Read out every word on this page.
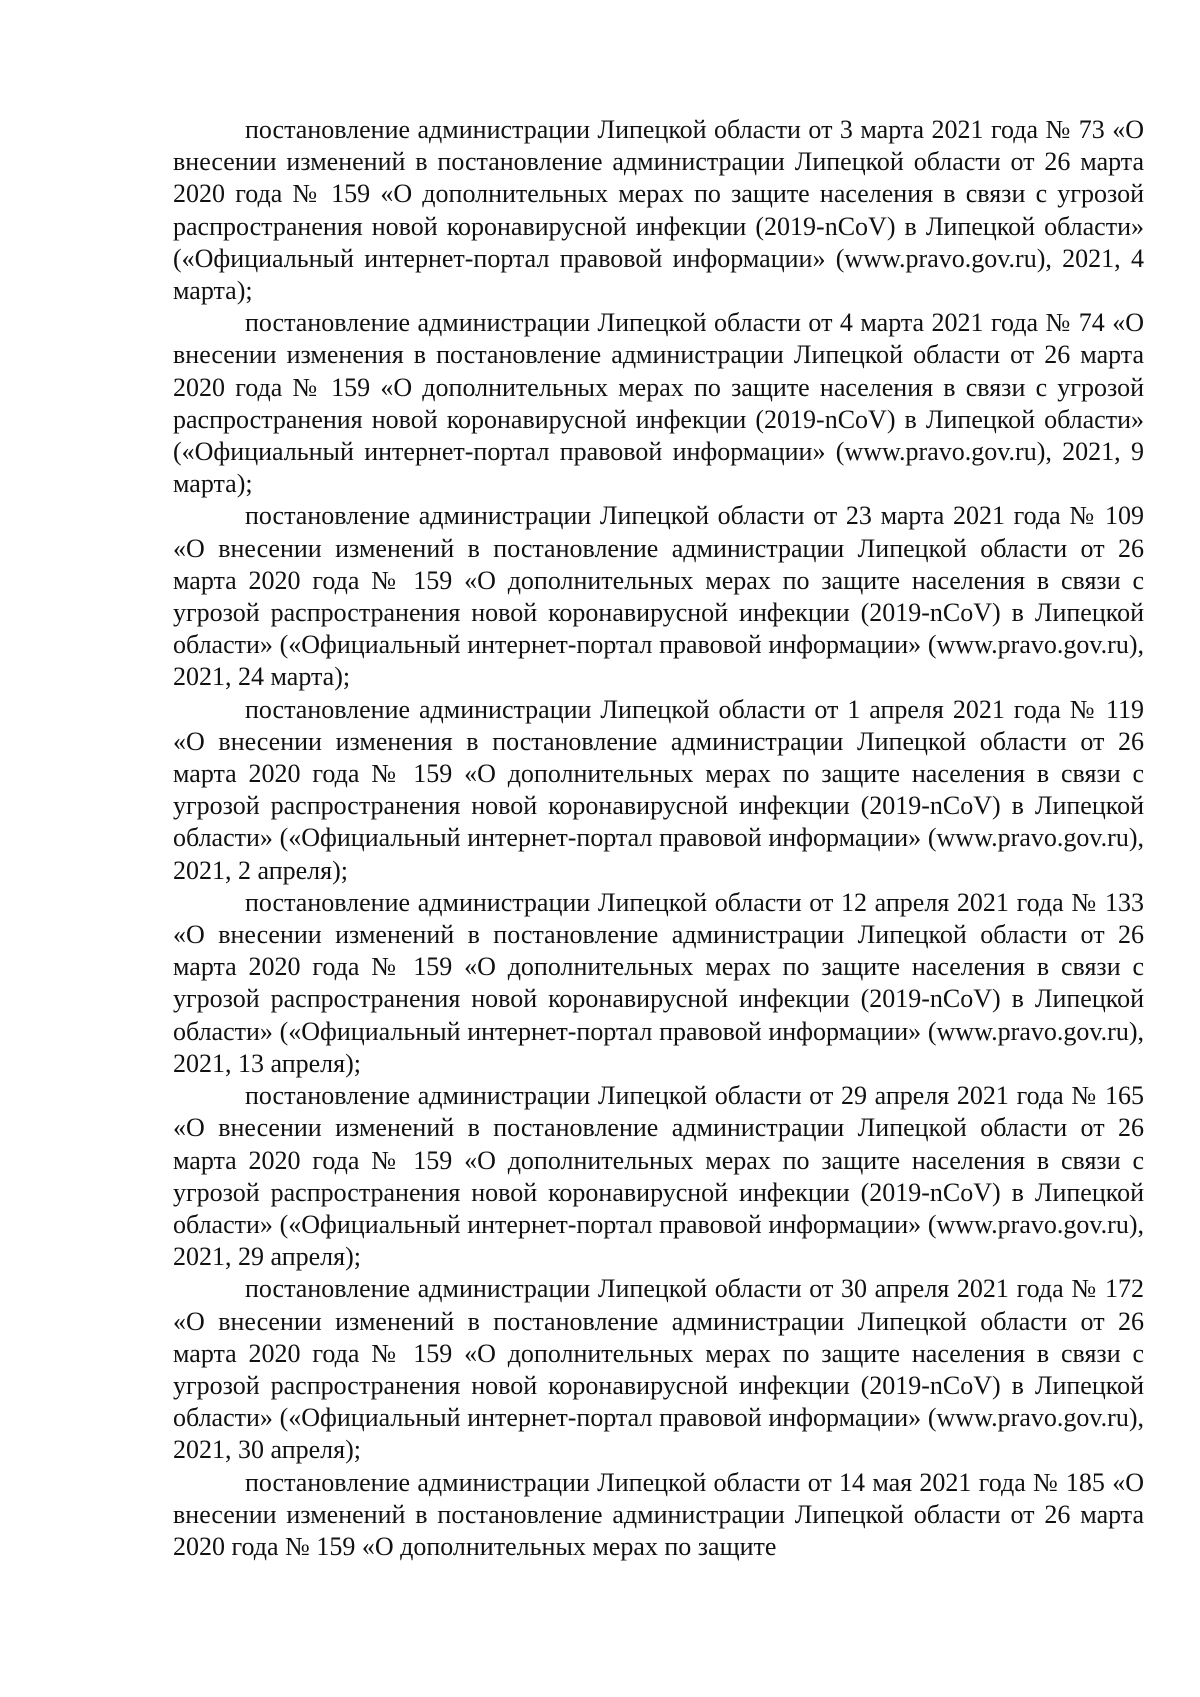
постановление администрации Липецкой области от 3 марта 2021 года № 73 «О внесении изменений в постановление администрации Липецкой области от 26 марта 2020 года № 159 «О дополнительных мерах по защите населения в связи с угрозой распространения новой коронавирусной инфекции (2019-nCoV) в Липецкой области» («Официальный интернет-портал правовой информации» (www.pravo.gov.ru), 2021, 4 марта);

постановление администрации Липецкой области от 4 марта 2021 года № 74 «О внесении изменения в постановление администрации Липецкой области от 26 марта 2020 года № 159 «О дополнительных мерах по защите населения в связи с угрозой распространения новой коронавирусной инфекции (2019-nCoV) в Липецкой области» («Официальный интернет-портал правовой информации» (www.pravo.gov.ru), 2021, 9 марта);

постановление администрации Липецкой области от 23 марта 2021 года № 109 «О внесении изменений в постановление администрации Липецкой области от 26 марта 2020 года № 159 «О дополнительных мерах по защите населения в связи с угрозой распространения новой коронавирусной инфекции (2019-nCoV) в Липецкой области» («Официальный интернет-портал правовой информации» (www.pravo.gov.ru), 2021, 24 марта);

постановление администрации Липецкой области от 1 апреля 2021 года № 119 «О внесении изменения в постановление администрации Липецкой области от 26 марта 2020 года № 159 «О дополнительных мерах по защите населения в связи с угрозой распространения новой коронавирусной инфекции (2019-nCoV) в Липецкой области» («Официальный интернет-портал правовой информации» (www.pravo.gov.ru), 2021, 2 апреля);

постановление администрации Липецкой области от 12 апреля 2021 года № 133 «О внесении изменений в постановление администрации Липецкой области от 26 марта 2020 года № 159 «О дополнительных мерах по защите населения в связи с угрозой распространения новой коронавирусной инфекции (2019-nCoV) в Липецкой области» («Официальный интернет-портал правовой информации» (www.pravo.gov.ru), 2021, 13 апреля);

постановление администрации Липецкой области от 29 апреля 2021 года № 165 «О внесении изменений в постановление администрации Липецкой области от 26 марта 2020 года № 159 «О дополнительных мерах по защите населения в связи с угрозой распространения новой коронавирусной инфекции (2019-nCoV) в Липецкой области» («Официальный интернет-портал правовой информации» (www.pravo.gov.ru), 2021, 29 апреля);

постановление администрации Липецкой области от 30 апреля 2021 года № 172 «О внесении изменений в постановление администрации Липецкой области от 26 марта 2020 года № 159 «О дополнительных мерах по защите населения в связи с угрозой распространения новой коронавирусной инфекции (2019-nCoV) в Липецкой области» («Официальный интернет-портал правовой информации» (www.pravo.gov.ru), 2021, 30 апреля);

постановление администрации Липецкой области от 14 мая 2021 года № 185 «О внесении изменений в постановление администрации Липецкой области от 26 марта 2020 года № 159 «О дополнительных мерах по защите
